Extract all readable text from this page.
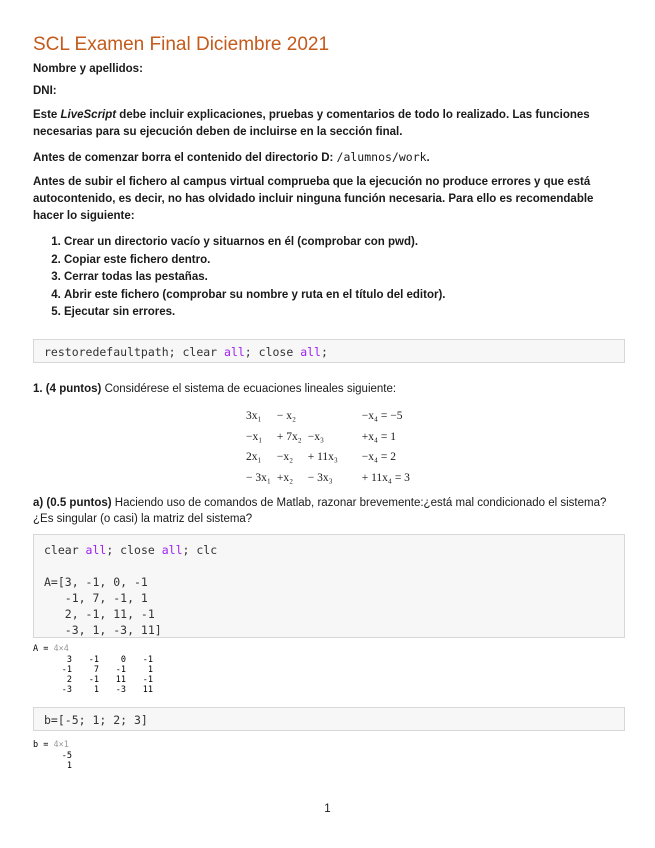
SCL Examen Final Diciembre 2021
Nombre y apellidos:
DNI:
Este LiveScript debe incluir explicaciones, pruebas y comentarios de todo lo realizado. Las funciones necesarias para su ejecución deben de incluirse en la sección final.
Antes de comenzar borra el contenido del directorio D: /alumnos/work.
Antes de subir el fichero al campus virtual comprueba que la ejecución no produce errores y que está autocontenido, es decir, no has olvidado incluir ninguna función necesaria. Para ello es recomendable hacer lo siguiente:
1. Crear un directorio vacío y situarnos en él (comprobar con pwd).
2. Copiar este fichero dentro.
3. Cerrar todas las pestañas.
4. Abrir este fichero (comprobar su nombre y ruta en el título del editor).
5. Ejecutar sin errores.
restoredefaultpath; clear all; close all;
1. (4 puntos) Considérese el sistema de ecuaciones lineales siguiente:
3x₁	− x₂		−x₄ = −5
−x₁	+ 7x₂	−x₃	+x₄ = 1
2x₁	−x₂	+ 11x₃	−x₄ = 2
− 3x₁	+x₂	− 3x₃	+ 11x₄ = 3
a) (0.5 puntos) Haciendo uso de comandos de Matlab, razonar brevemente:¿está mal condicionado el sistema? ¿Es singular (o casi) la matriz del sistema?
clear all; close all; clc

A=[3, -1, 0, -1
-1, 7, -1, 1
2, -1, 11, -1
-3, 1, -3, 11]
A = 4×4
3	-1	0	-1
-1	7	-1	1
2	-1	11	-1
-3	1	-3	11
b=[-5; 1; 2; 3]
b = 4×1
-5
1
1
